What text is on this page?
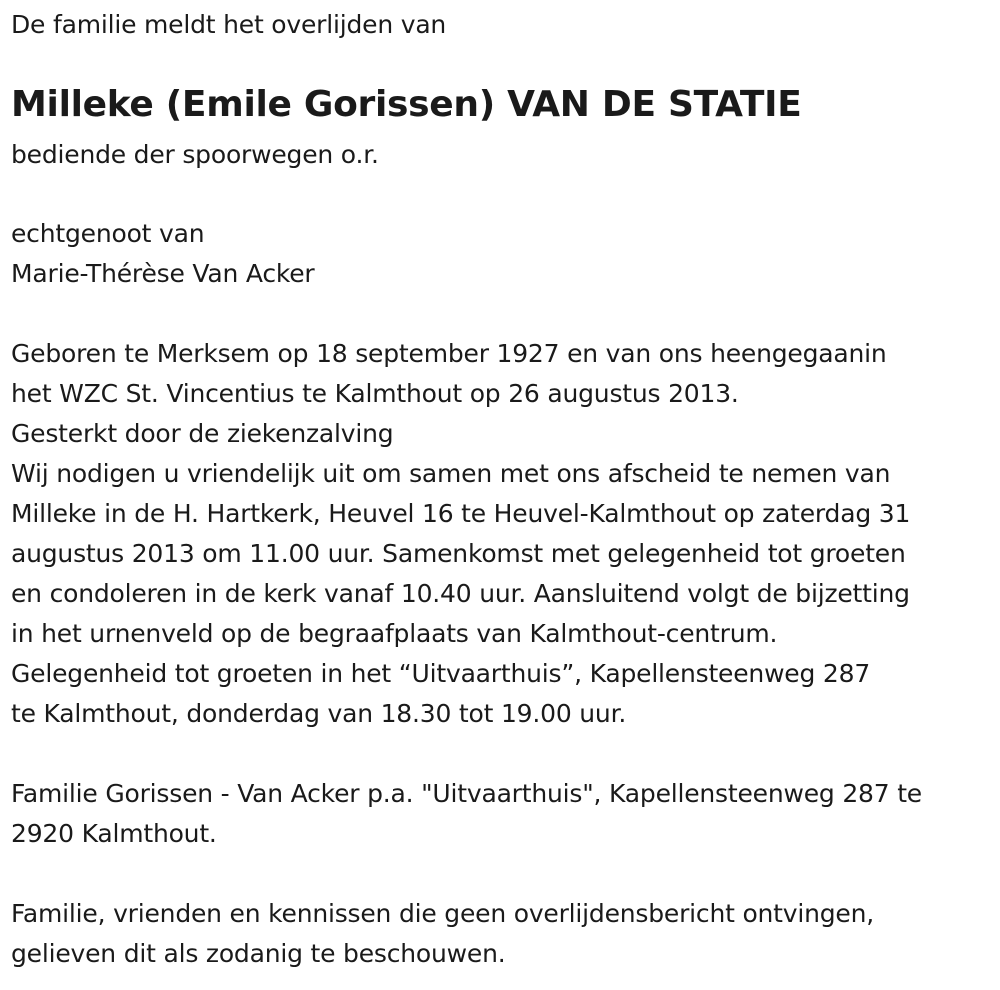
De familie meldt het overlijden van
Milleke (Emile Gorissen) VAN DE STATIE
bediende der spoorwegen o.r.
echtgenoot van
Marie-Thérèse Van Acker
Geboren te Merksem op 18 september 1927 en van ons heengegaanin
het WZC St. Vincentius te Kalmthout op 26 augustus 2013.
Gesterkt door de ziekenzalving
Wij nodigen u vriendelijk uit om samen met ons afscheid te nemen van
Milleke in de H. Hartkerk, Heuvel 16 te Heuvel-Kalmthout op zaterdag 31
augustus 2013 om 11.00 uur. Samenkomst met gelegenheid tot groeten
en condoleren in de kerk vanaf 10.40 uur. Aansluitend volgt de bijzetting
in het urnenveld op de begraafplaats van Kalmthout-centrum.
Gelegenheid tot groeten in het “Uitvaarthuis”, Kapellensteenweg 287
te Kalmthout, donderdag van 18.30 tot 19.00 uur.
Familie Gorissen - Van Acker p.a. "Uitvaarthuis", Kapellensteenweg 287 te
2920 Kalmthout.
Familie, vrienden en kennissen die geen overlijdensbericht ontvingen,
gelieven dit als zodanig te beschouwen.
